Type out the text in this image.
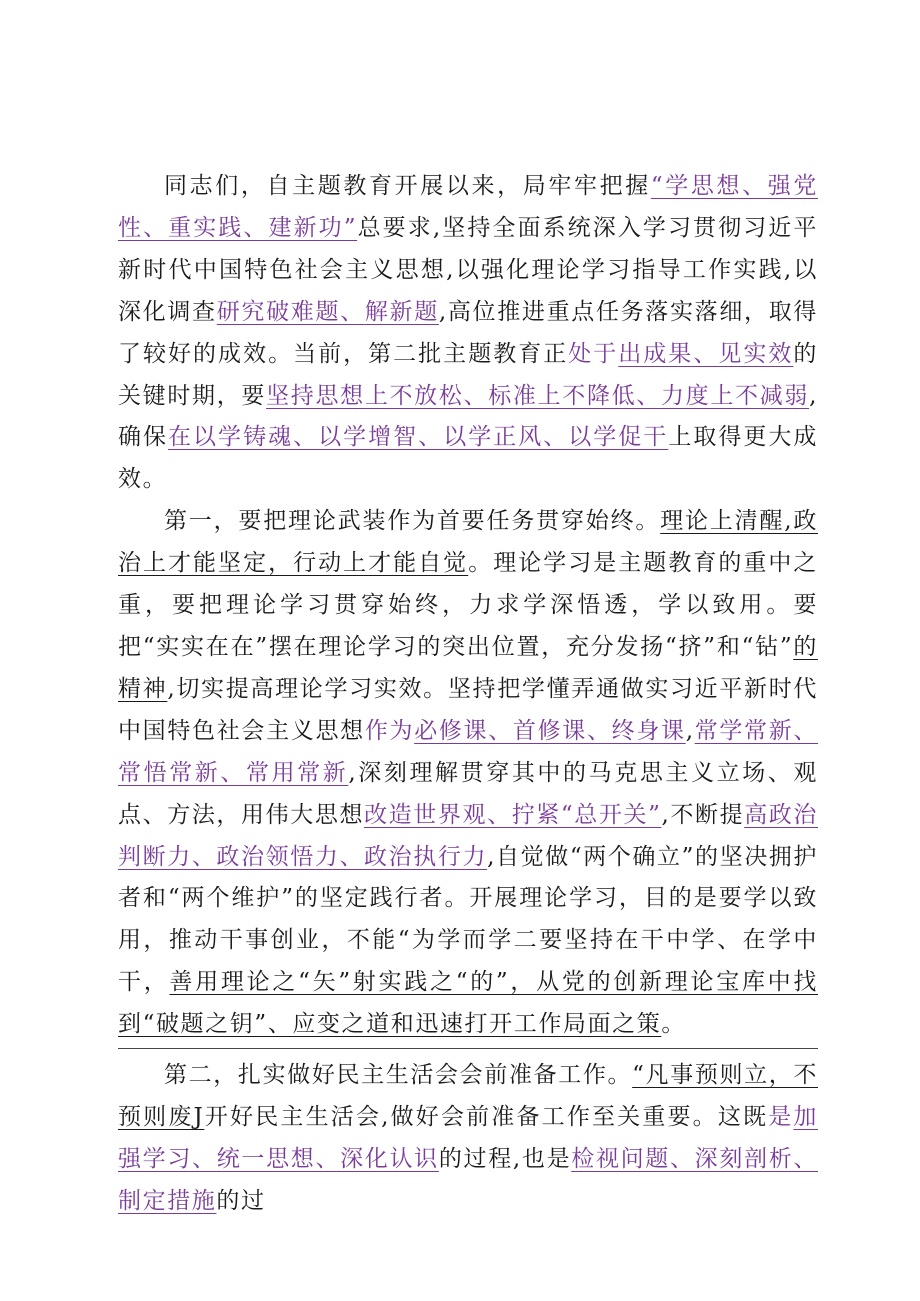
同志们，自主题教育开展以来，局牢牢把握“学思想、强党性、重实践、建新功”总要求,坚持全面系统深入学习贯彻习近平新时代中国特色社会主义思想,以强化理论学习指导工作实践,以深化调查研究破难题、解新题,高位推进重点任务落实落细，取得了较好的成效。当前，第二批主题教育正处于出成果、见实效的关键时期，要坚持思想上不放松、标准上不降低、力度上不减弱,确保在以学铸魂、以学增智、以学正风、以学促干上取得更大成效。

第一，要把理论武装作为首要任务贯穿始终。理论上清醒,政治上才能坚定，行动上才能自觉。理论学习是主题教育的重中之重，要把理论学习贯穿始终，力求学深悟透，学以致用。要把“实实在在”摆在理论学习的突出位置，充分发扬“挤”和“钻”的精神,切实提高理论学习实效。坚持把学懂弄通做实习近平新时代中国特色社会主义思想作为必修课、首修课、终身课,常学常新、常悟常新、常用常新,深刻理解贯穿其中的马克思主义立场、观点、方法，用伟大思想改造世界观、拧紧“总开关”,不断提高政治判断力、政治领悟力、政治执行力,自觉做“两个确立”的坚决拥护者和“两个维护”的坚定践行者。开展理论学习，目的是要学以致用，推动干事创业，不能“为学而学二要坚持在干中学、在学中干，善用理论之“矢”射实践之“的”，从党的创新理论宝库中找到“破题之钥”、应变之道和迅速打开工作局面之策。

第二，扎实做好民主生活会会前准备工作。“凡事预则立，不预则废J开好民主生活会,做好会前准备工作至关重要。这既是加强学习、统一思想、深化认识的过程,也是检视问题、深刻剖析、制定措施的过
